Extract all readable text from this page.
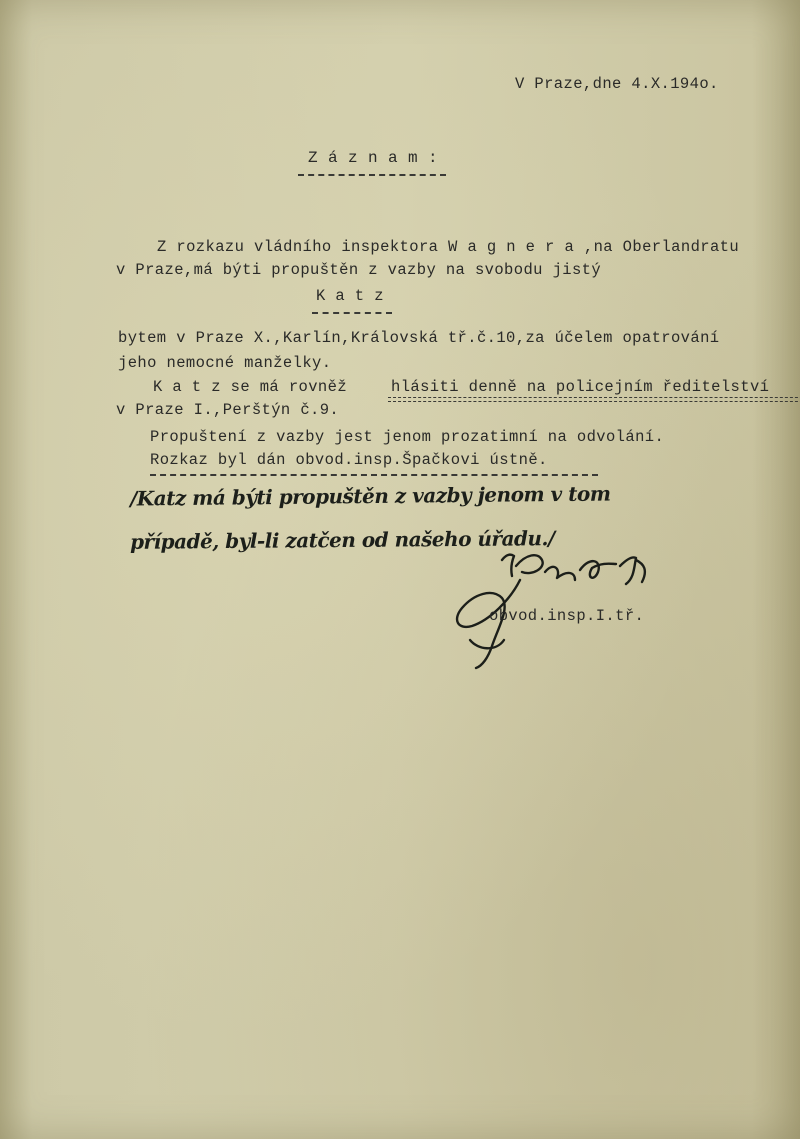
V Praze,dne 4.X.194o.
Z á z n a m :
Z rozkazu vládního inspektora W a g n e r a ,na Oberlandratu
v Praze,má býti propuštěn z vazby na svobodu jistý
K a t z
bytem v Praze X.,Karlín,Královská tř.č.10,za účelem opatrování
jeho nemocné manželky.
K a t z se má rovněž	hlásiti denně na policejním ředitelství
v Praze I.,Perštýn č.9.
Propuštení z vazby jest jenom prozatimní na odvolání.
Rozkaz byl dán obvod.insp.Špačkovi ústně.
/Katz má býti propuštěn z vazby jenom v tom
případě, byl-li zatčen od našeho úřadu./
obvod.insp.I.tř.
